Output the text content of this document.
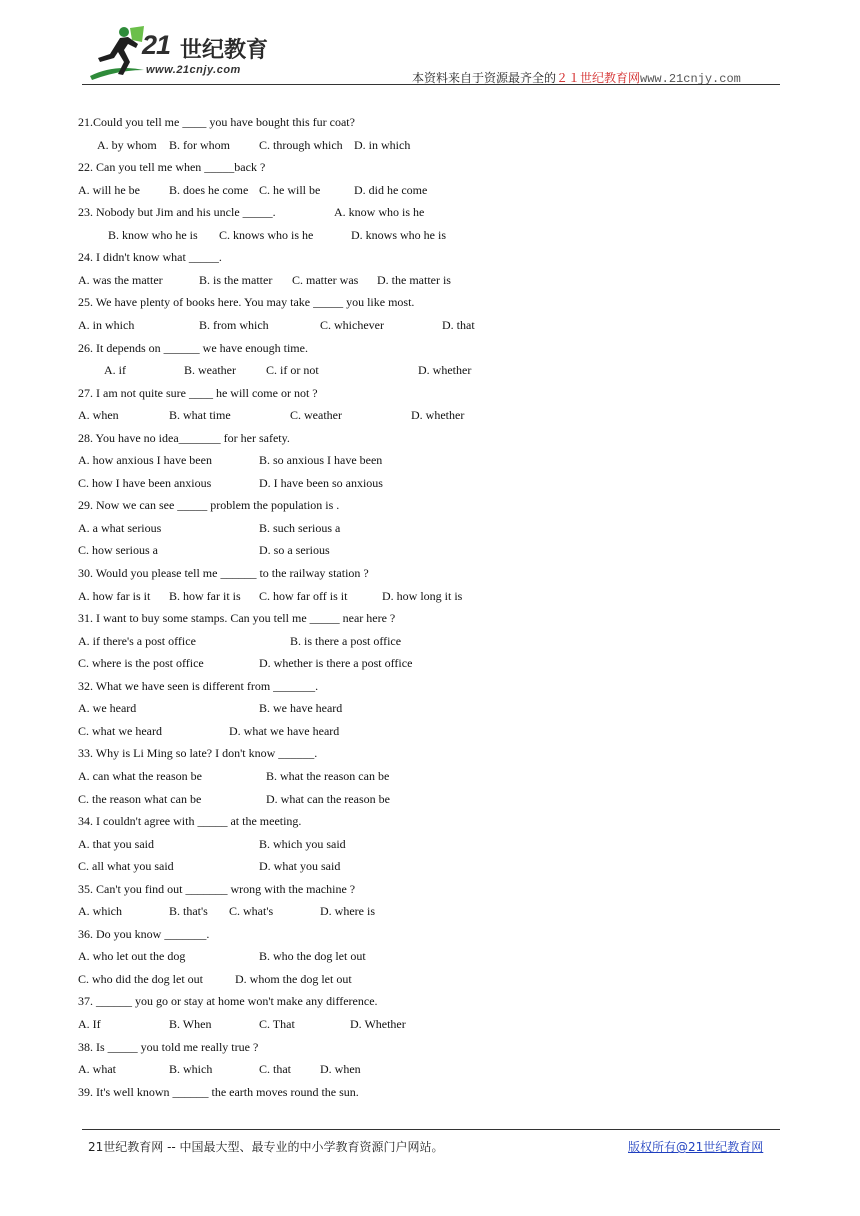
21 世纪教育
www.21cnjy.com
本资料来自于资源最齐全的２１世纪教育网www.21cnjy.com
21.Could you tell me ____ you have bought this fur coat?
A. by whom B. for whom C. through which D. in which
22. Can you tell me when _____back ?
A. will he be B. does he come C. he will be	D. did he come
23. Nobody but Jim and his uncle _____.	A. know who is he
B. know who he is C. knows who is he	D. knows who he is
24. I didn't know what _____.
A. was the matter	B. is the matter C. matter was D. the matter is
25. We have plenty of books here. You may take _____ you like most.
A. in which	B. from which	C. whichever	D. that
26. It depends on ______ we have enough time.
A. if	B. weather	C. if or not	D. whether
27. I am not quite sure ____ he will come or not ?
A. when	B. what time	C. weather	D. whether
28. You have no idea_______ for her safety.
A. how anxious I have been	B. so anxious I have been
C. how I have been anxious	D. I have been so anxious
29. Now we can see _____ problem the population is .
A. a what serious	B. such serious a
C. how serious a	D. so a serious
30. Would you please tell me ______ to the railway station ?
A. how far is it B. how far it is C. how far off is it	D. how long it is
31. I want to buy some stamps. Can you tell me _____ near here ?
A. if there's a post office	B. is there a post office
C. where is the post office	D. whether is there a post office
32. What we have seen is different from _______.
A. we heard	B. we have heard
C. what we heard	D. what we have heard
33. Why is Li Ming so late? I don't know ______.
A. can what the reason be	B. what the reason can be
C. the reason what can be	D. what can the reason be
34. I couldn't agree with _____ at the meeting.
A. that you said	B. which you said
C. all what you said	D. what you said
35. Can't you find out _______ wrong with the machine ?
A. which	B. that's C. what's	D. where is
36. Do you know _______.
A. who let out the dog	B. who the dog let out
C. who did the dog let out	D. whom the dog let out
37. ______ you go or stay at home won't make any difference.
A. If	B. When	C. That	D. Whether
38. Is _____ you told me really true ?
A. what	B. which	C. that D. when
39. It's well known ______ the earth moves round the sun.
21世纪教育网 -- 中国最大型、最专业的中小学教育资源门户网站。	版权所有@21世纪教育网
